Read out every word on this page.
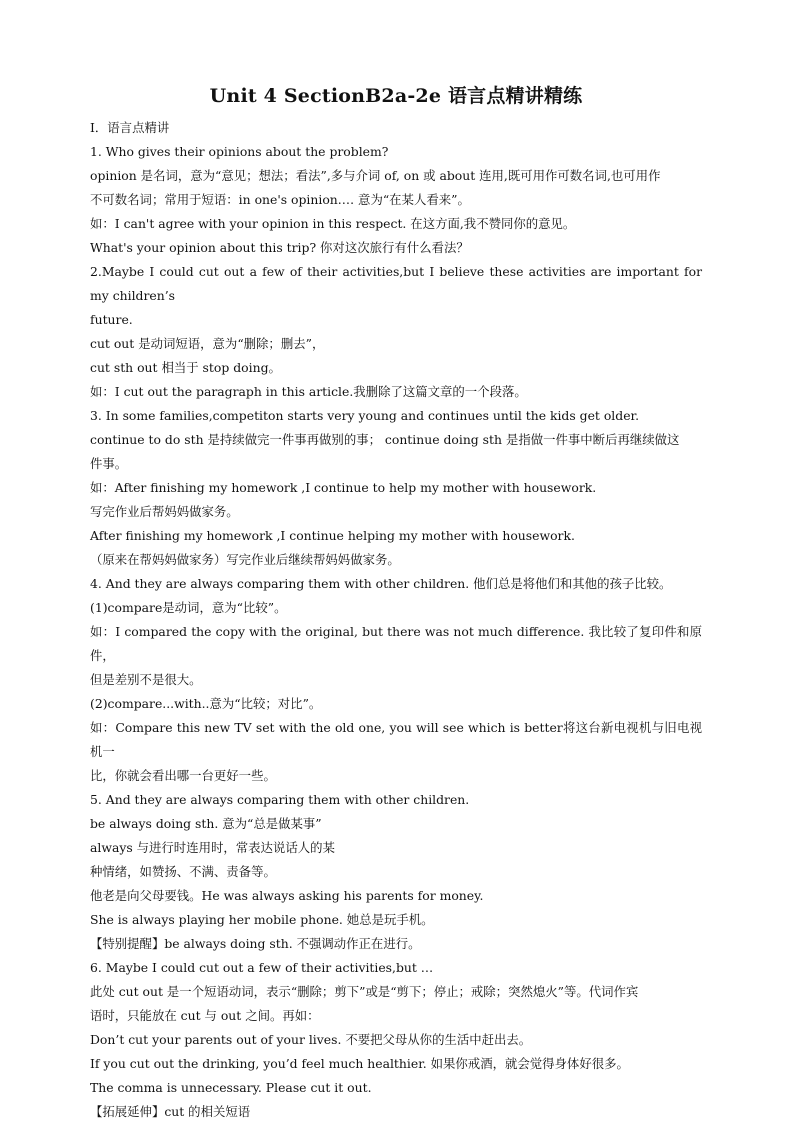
Unit 4 SectionB2a-2e 语言点精讲精练

I．语言点精讲

1. Who gives their opinions about the problem?

opinion 是名词，意为“意见；想法；看法”,多与介词 of, on 或 about 连用,既可用作可数名词,也可用作

不可数名词；常用于短语：in one's opinion.… 意为“在某人看来”。

如：I can't agree with your opinion in this respect. 在这方面,我不赞同你的意见。

What's your opinion about this trip? 你对这次旅行有什么看法？

2.Maybe I could cut out a few of their activities,but I believe these activities are important for my children’s

future.

cut out 是动词短语，意为“删除；删去”，

cut sth out 相当于 stop doing。

如：I cut out the paragraph in this article.我删除了这篇文章的一个段落。

3. In some families,competiton starts very young and continues until the kids get older.

continue to do sth 是持续做完一件事再做别的事； continue doing sth 是指做一件事中断后再继续做这

件事。

如：After finishing my homework ,I continue to help my mother with housework.

写完作业后帮妈妈做家务。

After finishing my homework ,I continue helping my mother with housework.

（原来在帮妈妈做家务）写完作业后继续帮妈妈做家务。

4. And they are always comparing them with other children. 他们总是将他们和其他的孩子比较。

(1)compare是动词，意为“比较”。

如：I compared the copy with the original, but there was not much difference. 我比较了复印件和原件，

但是差别不是很大。

(2)compare...with..意为“比较；对比”。

如：Compare this new TV set with the old one, you will see which is better将这台新电视机与旧电视机一

比，你就会看出哪一台更好一些。

5. And they are always comparing them with other children.

be always doing sth. 意为“总是做某事”

always 与进行时连用时，常表达说话人的某

种情绪，如赞扬、不满、责备等。

他老是向父母要钱。He was always asking his parents for money.

She is always playing her mobile phone. 她总是玩手机。

【特别提醒】be always doing sth. 不强调动作正在进行。

6. Maybe I could cut out a few of their activities,but …

此处 cut out 是一个短语动词，表示“删除；剪下”或是“剪下；停止；戒除；突然熄火”等。代词作宾

语时，只能放在 cut 与 out 之间。再如：

Don’t cut your parents out of your lives. 不要把父母从你的生活中赶出去。

If you cut out the drinking, you’d feel much healthier. 如果你戒酒，就会觉得身体好很多。

The comma is unnecessary. Please cut it out.

【拓展延伸】cut 的相关短语
